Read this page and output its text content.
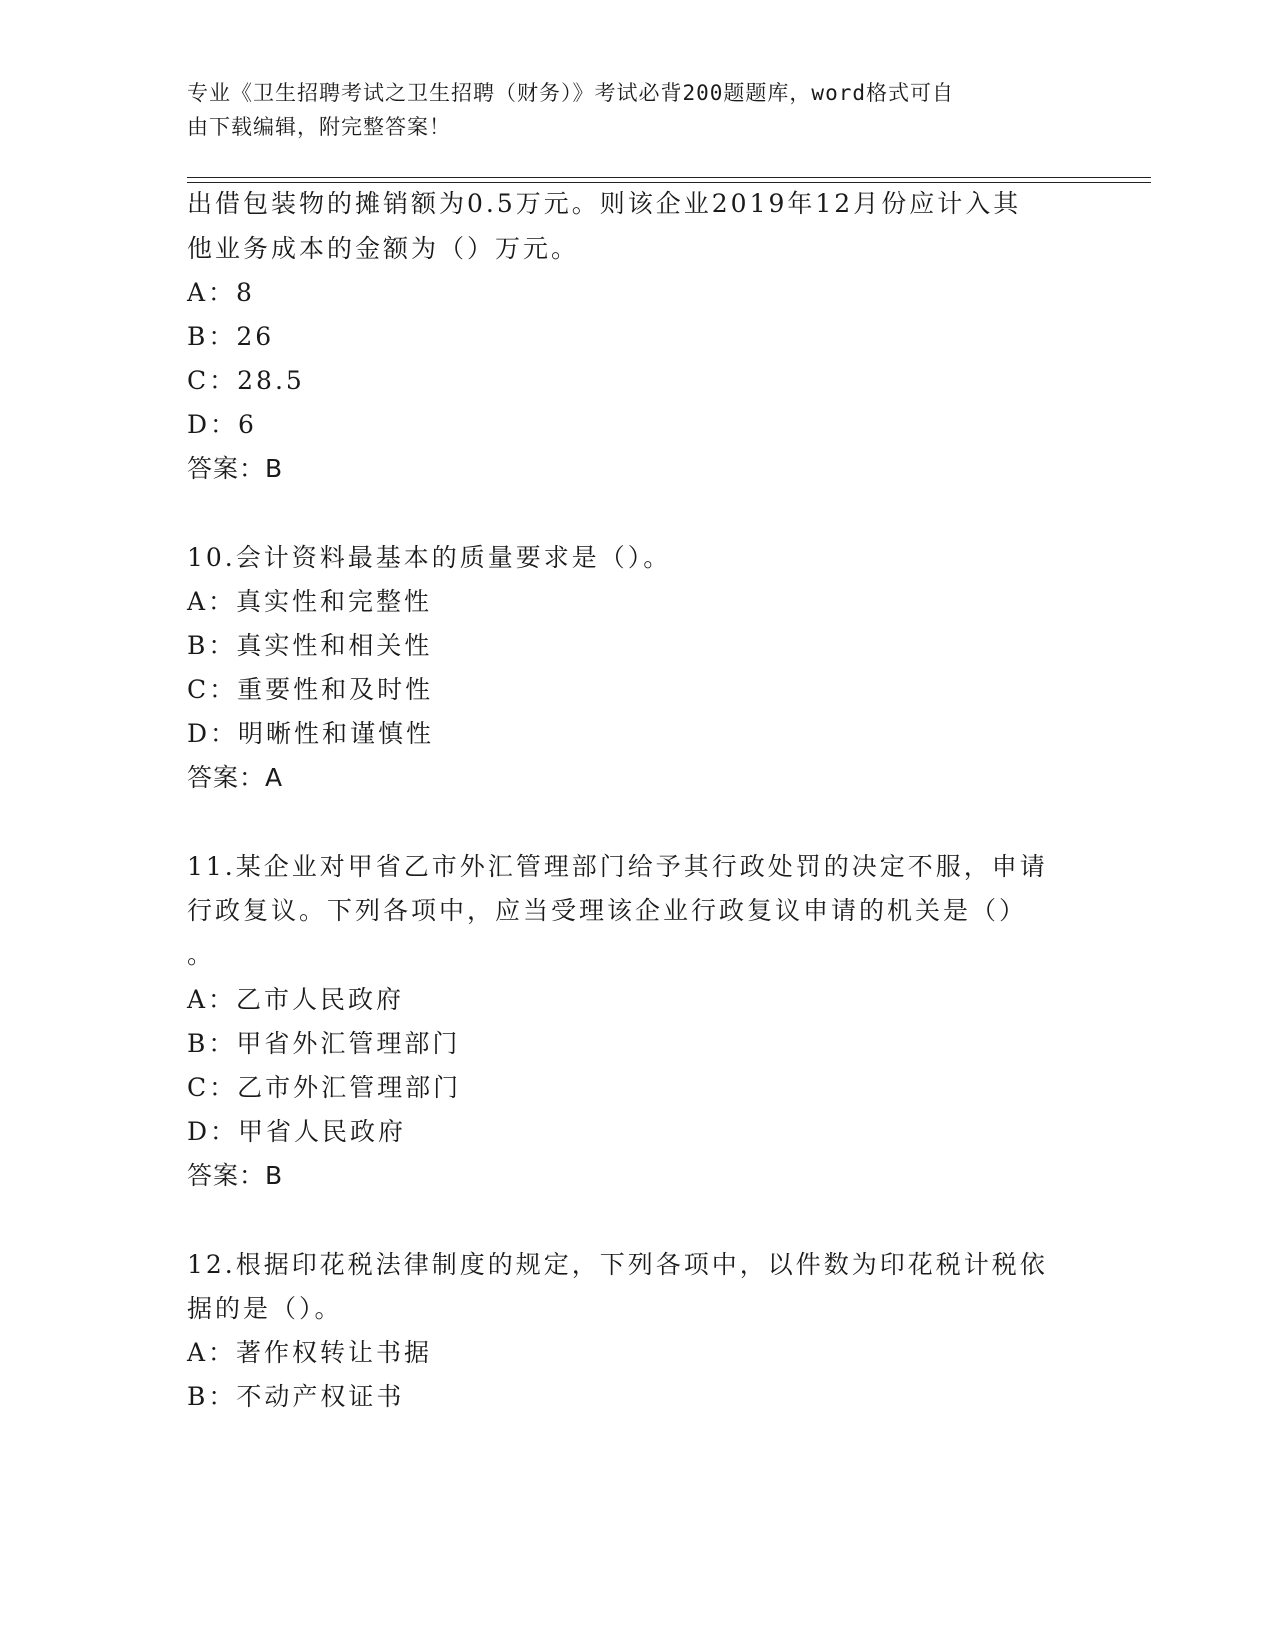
专业《卫生招聘考试之卫生招聘（财务）》考试必背200题题库，word格式可自
由下载编辑，附完整答案！
出借包装物的摊销额为0.5万元。则该企业2019年12月份应计入其
他业务成本的金额为（）万元。
A：8
B：26
C：28.5
D：6
答案：B
10.会计资料最基本的质量要求是（）。
A：真实性和完整性
B：真实性和相关性
C：重要性和及时性
D：明晰性和谨慎性
答案：A
11.某企业对甲省乙市外汇管理部门给予其行政处罚的决定不服，申请
行政复议。下列各项中，应当受理该企业行政复议申请的机关是（）
。
A：乙市人民政府
B：甲省外汇管理部门
C：乙市外汇管理部门
D：甲省人民政府
答案：B
12.根据印花税法律制度的规定，下列各项中，以件数为印花税计税依
据的是（）。
A：著作权转让书据
B：不动产权证书
